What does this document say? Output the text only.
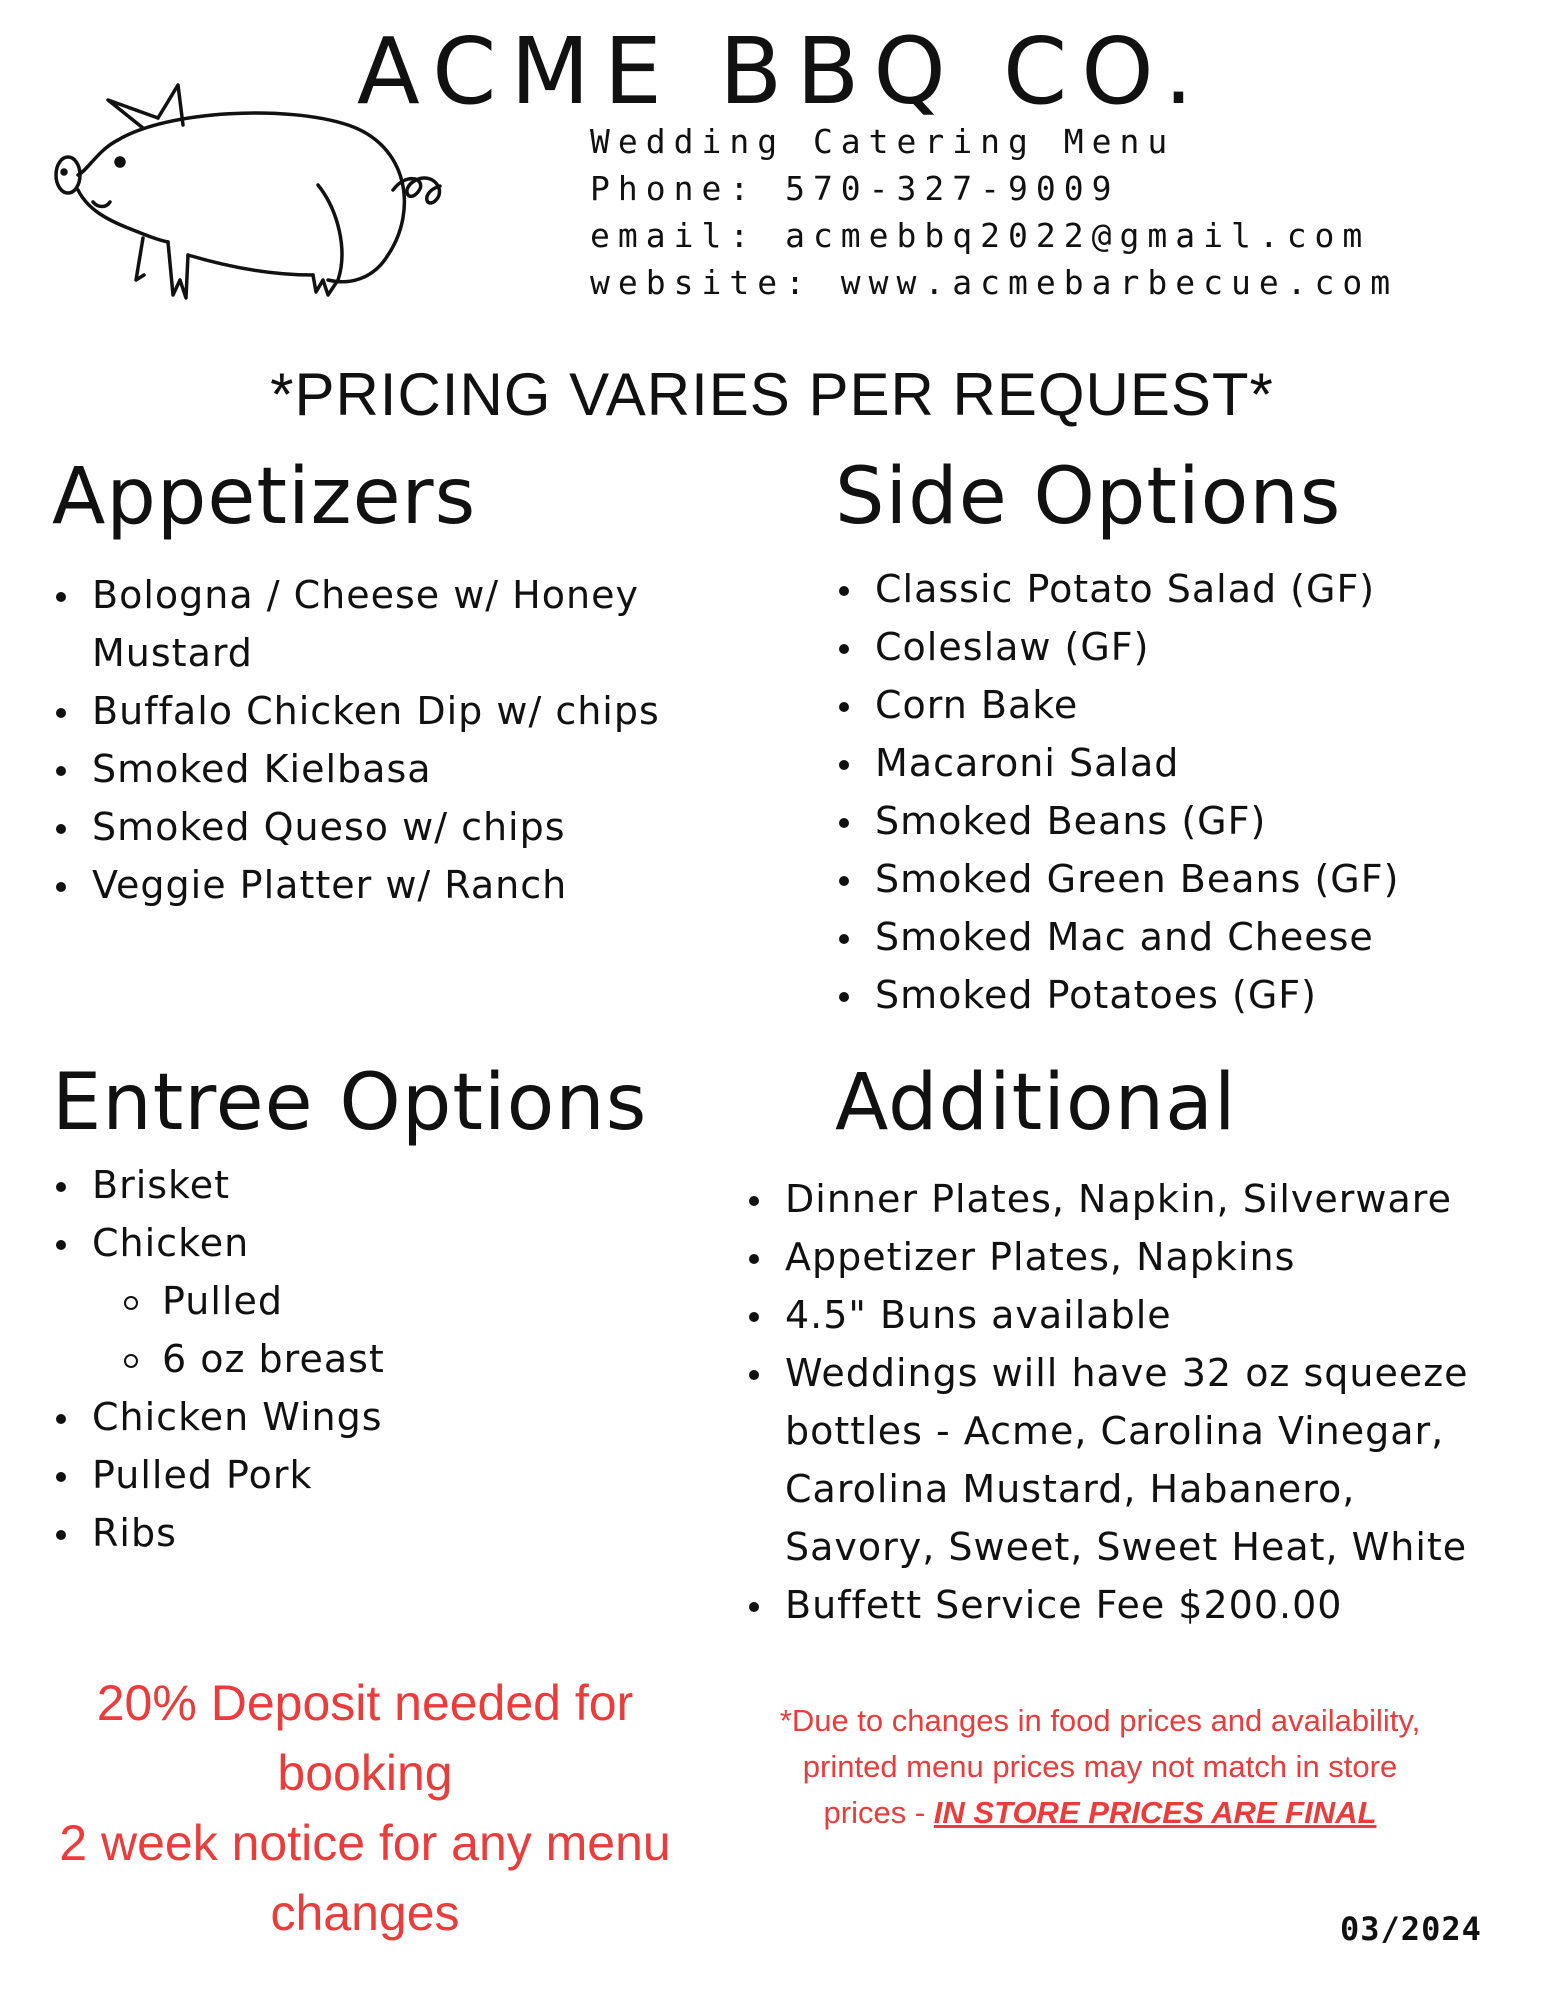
ACME BBQ CO.
Wedding Catering Menu
Phone: 570-327-9009
email: acmebbq2022@gmail.com
website: www.acmebarbecue.com
*PRICING VARIES PER REQUEST*
Appetizers
Bologna / Cheese w/ Honey Mustard
Buffalo Chicken Dip w/ chips
Smoked Kielbasa
Smoked Queso w/ chips
Veggie Platter w/ Ranch
Side Options
Classic Potato Salad (GF)
Coleslaw (GF)
Corn Bake
Macaroni Salad
Smoked Beans (GF)
Smoked Green Beans (GF)
Smoked Mac and Cheese
Smoked Potatoes (GF)
Entree Options
Brisket
Chicken
Pulled
6 oz breast
Chicken Wings
Pulled Pork
Ribs
Additional
Dinner Plates, Napkin, Silverware
Appetizer Plates, Napkins
4.5" Buns available
Weddings will have 32 oz squeeze bottles - Acme, Carolina Vinegar, Carolina Mustard, Habanero, Savory, Sweet, Sweet Heat, White
Buffett Service Fee $200.00
20% Deposit needed for booking
2 week notice for any menu changes
*Due to changes in food prices and availability, printed menu prices may not match in store prices - IN STORE PRICES ARE FINAL
03/2024
